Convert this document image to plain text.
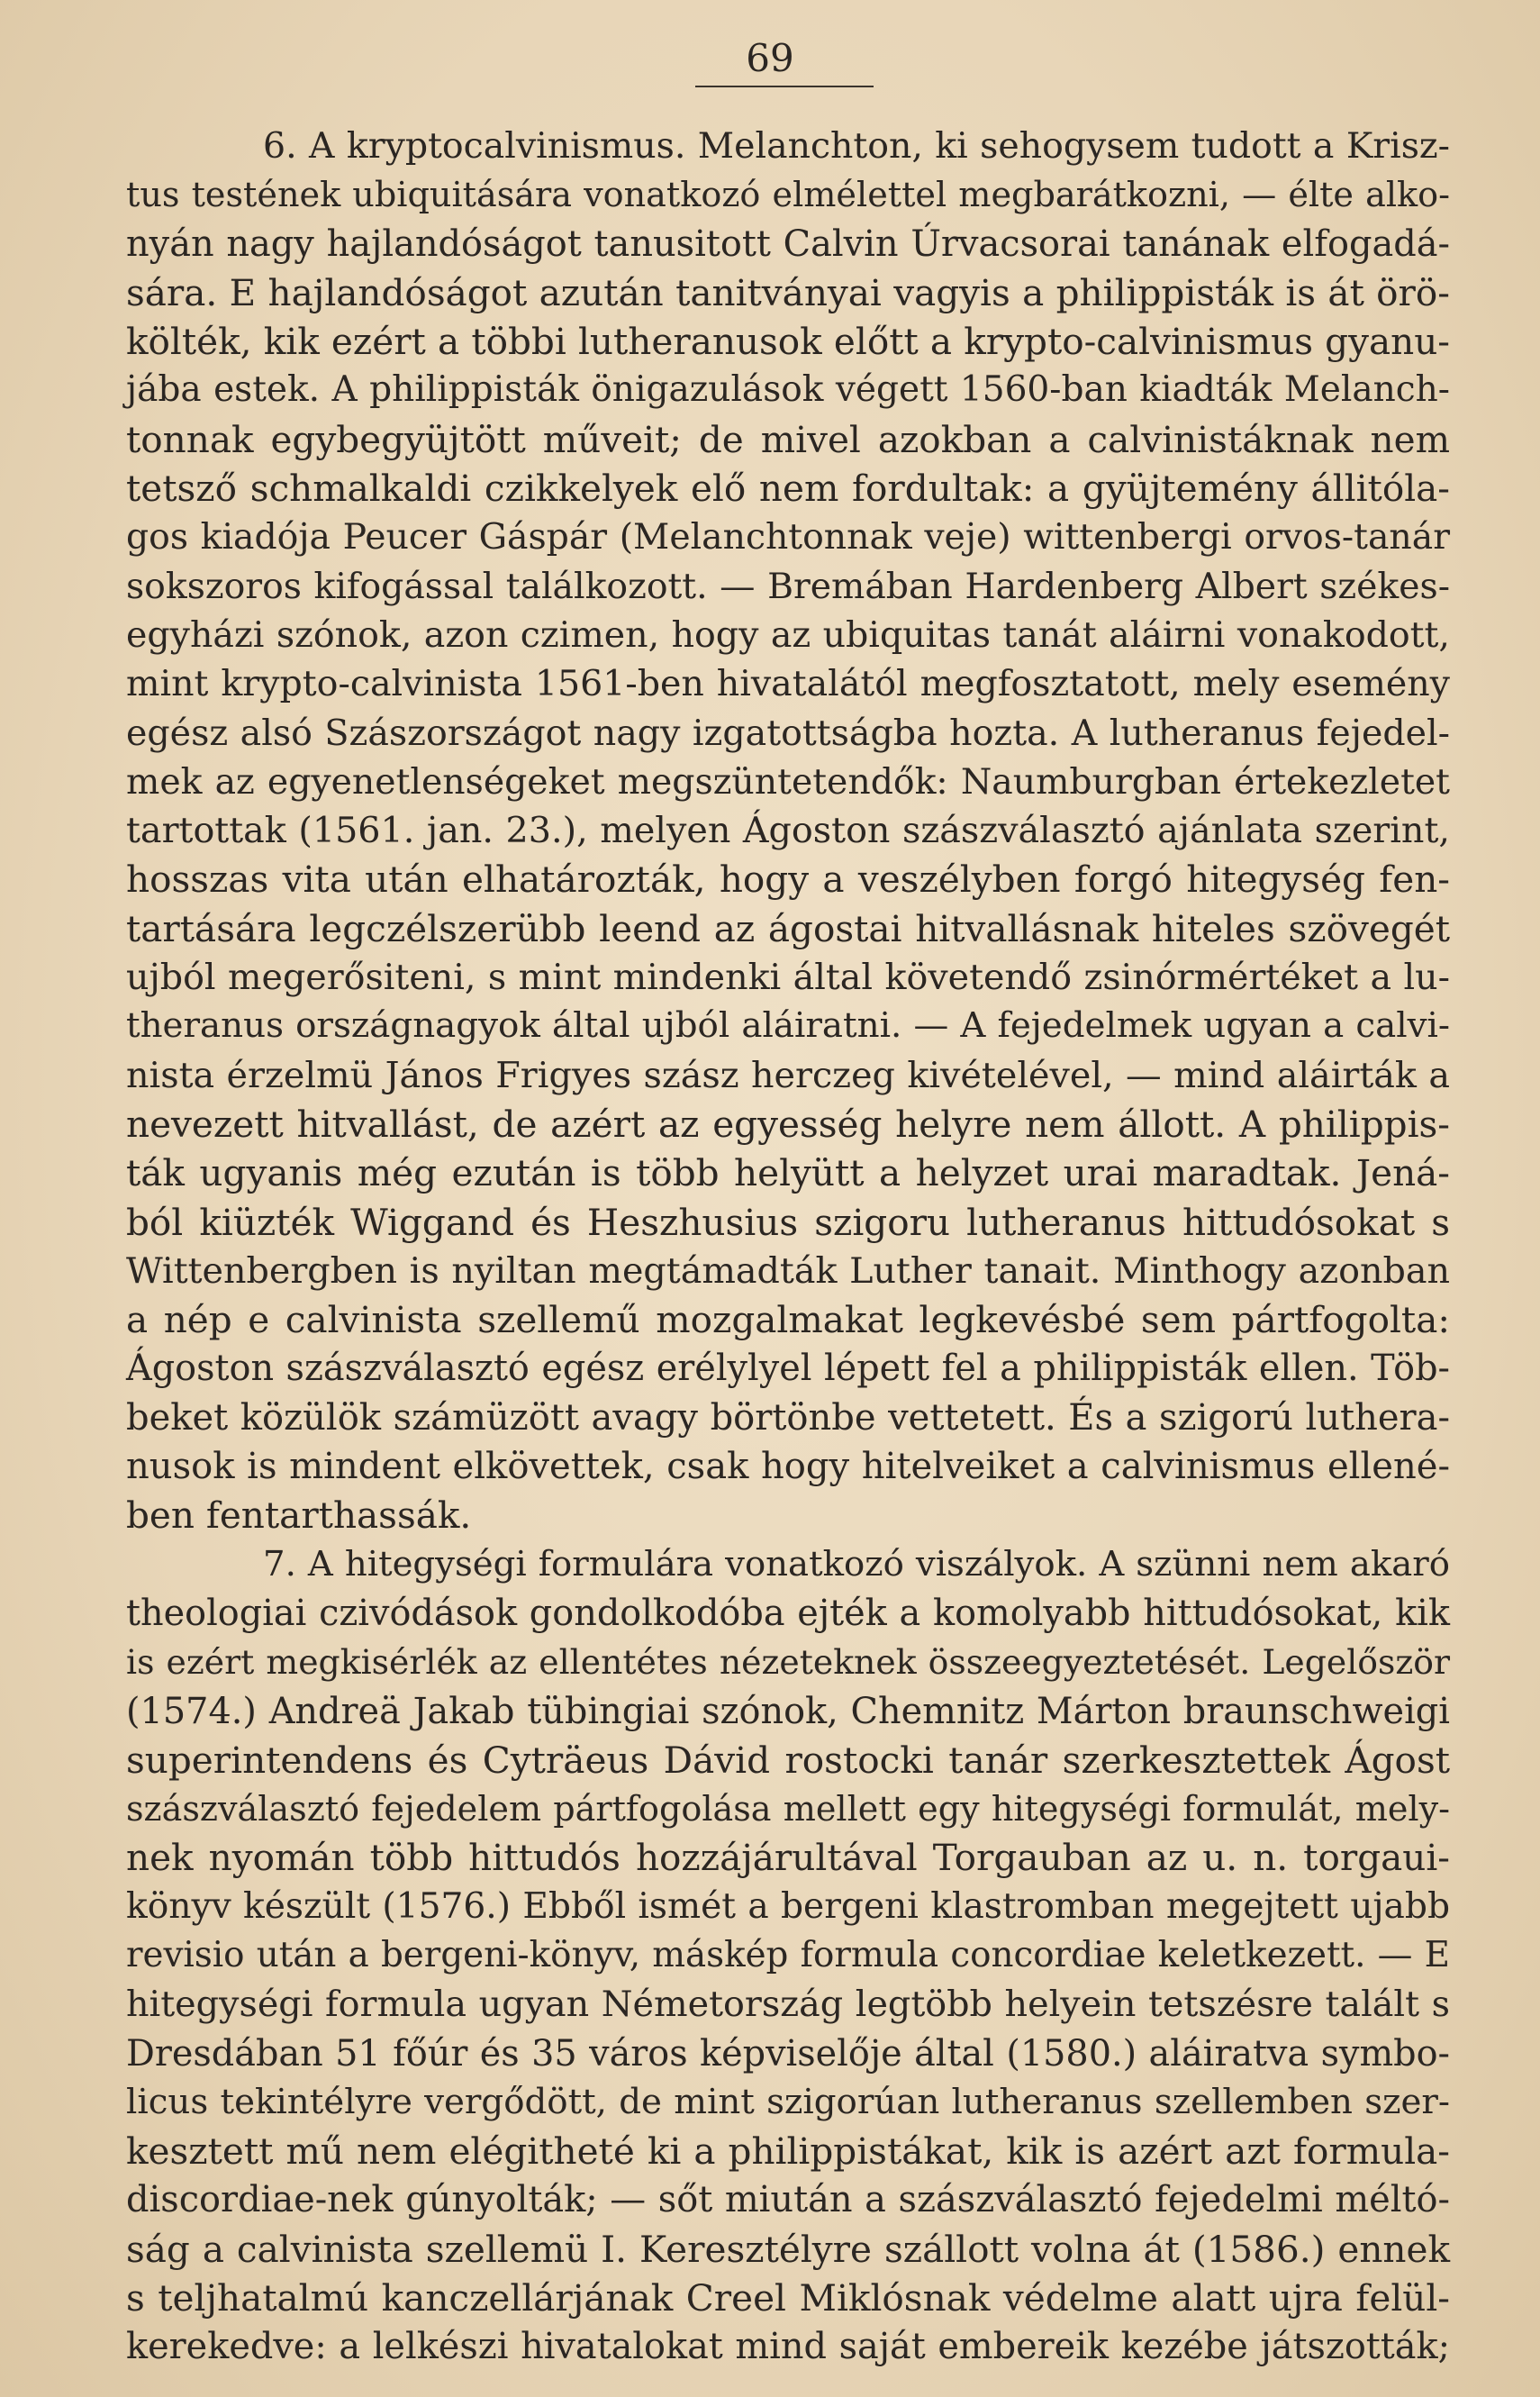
69
6. A kryptocalvinismus. Melanchton, ki sehogysem tudott a Krisz-
tus testének ubiquitására vonatkozó elmélettel megbarátkozni, — élte alko-
nyán nagy hajlandóságot tanusitott Calvin Úrvacsorai tanának elfogadá-
sára. E hajlandóságot azután tanitványai vagyis a philippisták is át örö-
költék, kik ezért a többi lutheranusok előtt a krypto-calvinismus gyanu-
jába estek. A philippisták önigazulások végett 1560-ban kiadták Melanch-
tonnak egybegyüjtött műveit; de mivel azokban a calvinistáknak nem
tetsző schmalkaldi czikkelyek elő nem fordultak: a gyüjtemény állitóla-
gos kiadója Peucer Gáspár (Melanchtonnak veje) wittenbergi orvos-tanár
sokszoros kifogással találkozott. — Bremában Hardenberg Albert székes-
egyházi szónok, azon czimen, hogy az ubiquitas tanát aláirni vonakodott,
mint krypto-calvinista 1561-ben hivatalától megfosztatott, mely esemény
egész alsó Szászországot nagy izgatottságba hozta. A lutheranus fejedel-
mek az egyenetlenségeket megszüntetendők: Naumburgban értekezletet
tartottak (1561. jan. 23.), melyen Ágoston szászválasztó ajánlata szerint,
hosszas vita után elhatározták, hogy a veszélyben forgó hitegység fen-
tartására legczélszerübb leend az ágostai hitvallásnak hiteles szövegét
ujból megerősiteni, s mint mindenki által követendő zsinórmértéket a lu-
theranus országnagyok által ujból aláiratni. — A fejedelmek ugyan a calvi-
nista érzelmü János Frigyes szász herczeg kivételével, — mind aláirták a
nevezett hitvallást, de azért az egyesség helyre nem állott. A philippis-
ták ugyanis még ezután is több helyütt a helyzet urai maradtak. Jená-
ból kiüzték Wiggand és Heszhusius szigoru lutheranus hittudósokat s
Wittenbergben is nyiltan megtámadták Luther tanait. Minthogy azonban
a nép e calvinista szellemű mozgalmakat legkevésbé sem pártfogolta:
Ágoston szászválasztó egész erélylyel lépett fel a philippisták ellen. Töb-
beket közülök számüzött avagy börtönbe vettetett. És a szigorú luthera-
nusok is mindent elkövettek, csak hogy hitelveiket a calvinismus ellené-
ben fentarthassák.
7. A hitegységi formulára vonatkozó viszályok. A szünni nem akaró
theologiai czivódások gondolkodóba ejték a komolyabb hittudósokat, kik
is ezért megkisérlék az ellentétes nézeteknek összeegyeztetését. Legelőször
(1574.) Andreä Jakab tübingiai szónok, Chemnitz Márton braunschweigi
superintendens és Cyträeus Dávid rostocki tanár szerkesztettek Ágost
szászválasztó fejedelem pártfogolása mellett egy hitegységi formulát, mely-
nek nyomán több hittudós hozzájárultával Torgauban az u. n. torgaui-
könyv készült (1576.) Ebből ismét a bergeni klastromban megejtett ujabb
revisio után a bergeni-könyv, máskép formula concordiae keletkezett. — E
hitegységi formula ugyan Németország legtöbb helyein tetszésre talált s
Dresdában 51 főúr és 35 város képviselője által (1580.) aláiratva symbo-
licus tekintélyre vergődött, de mint szigorúan lutheranus szellemben szer-
kesztett mű nem elégitheté ki a philippistákat, kik is azért azt formula-
discordiae-nek gúnyolták; — sőt miután a szászválasztó fejedelmi méltó-
ság a calvinista szellemü I. Keresztélyre szállott volna át (1586.) ennek
s teljhatalmú kanczellárjának Creel Miklósnak védelme alatt ujra felül-
kerekedve: a lelkészi hivatalokat mind saját embereik kezébe játszották;
